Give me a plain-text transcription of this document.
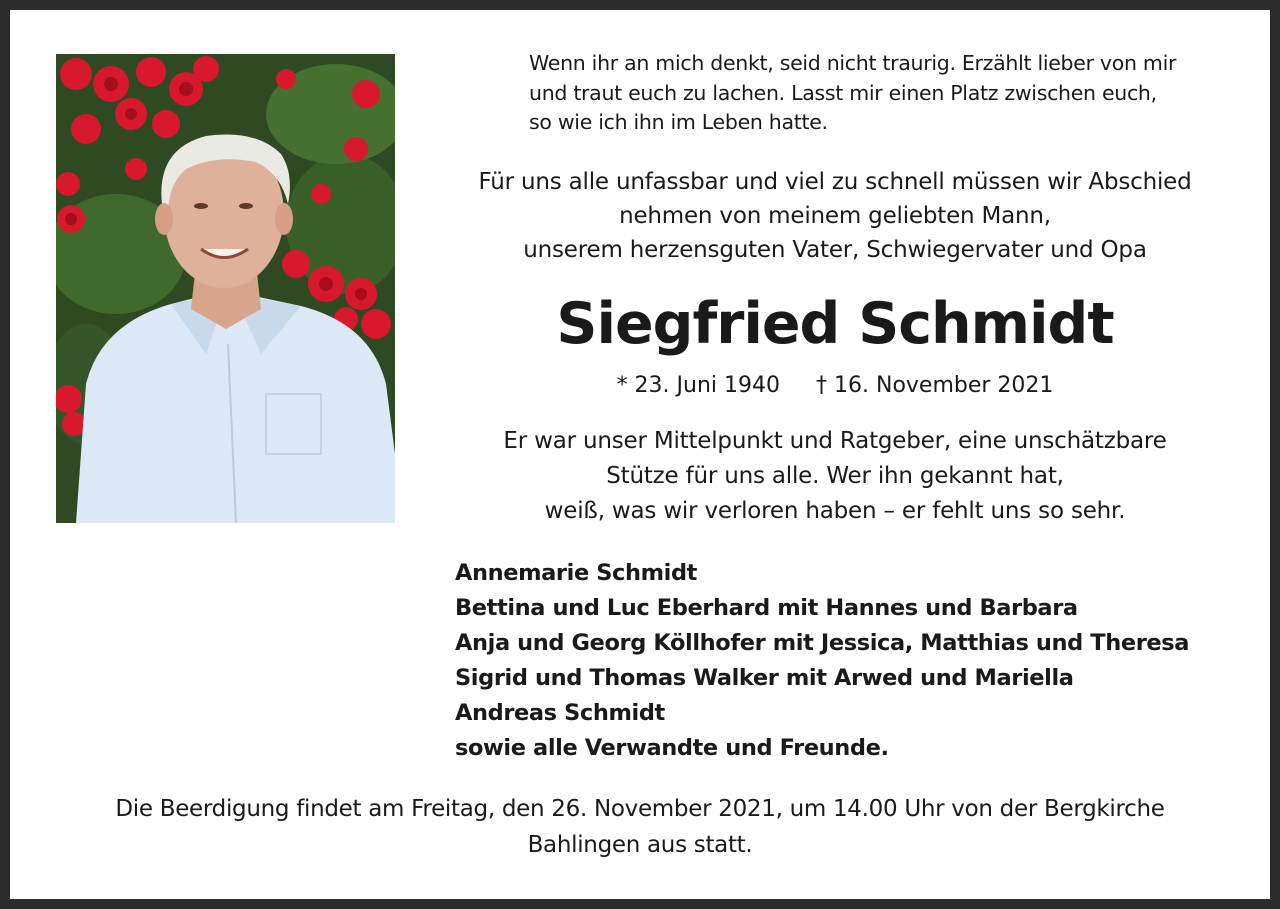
Wenn ihr an mich denkt, seid nicht traurig. Erzählt lieber von mir
und traut euch zu lachen. Lasst mir einen Platz zwischen euch,
so wie ich ihn im Leben hatte.
Für uns alle unfassbar und viel zu schnell müssen wir Abschied
nehmen von meinem geliebten Mann,
unserem herzensguten Vater, Schwiegervater und Opa
Siegfried Schmidt
* 23. Juni 1940 † 16. November 2021
Er war unser Mittelpunkt und Ratgeber, eine unschätzbare
Stütze für uns alle. Wer ihn gekannt hat,
weiß, was wir verloren haben – er fehlt uns so sehr.
Annemarie Schmidt
Bettina und Luc Eberhard mit Hannes und Barbara
Anja und Georg Köllhofer mit Jessica, Matthias und Theresa
Sigrid und Thomas Walker mit Arwed und Mariella
Andreas Schmidt
sowie alle Verwandte und Freunde.
Die Beerdigung findet am Freitag, den 26. November 2021, um 14.00 Uhr von der Bergkirche
Bahlingen aus statt.
